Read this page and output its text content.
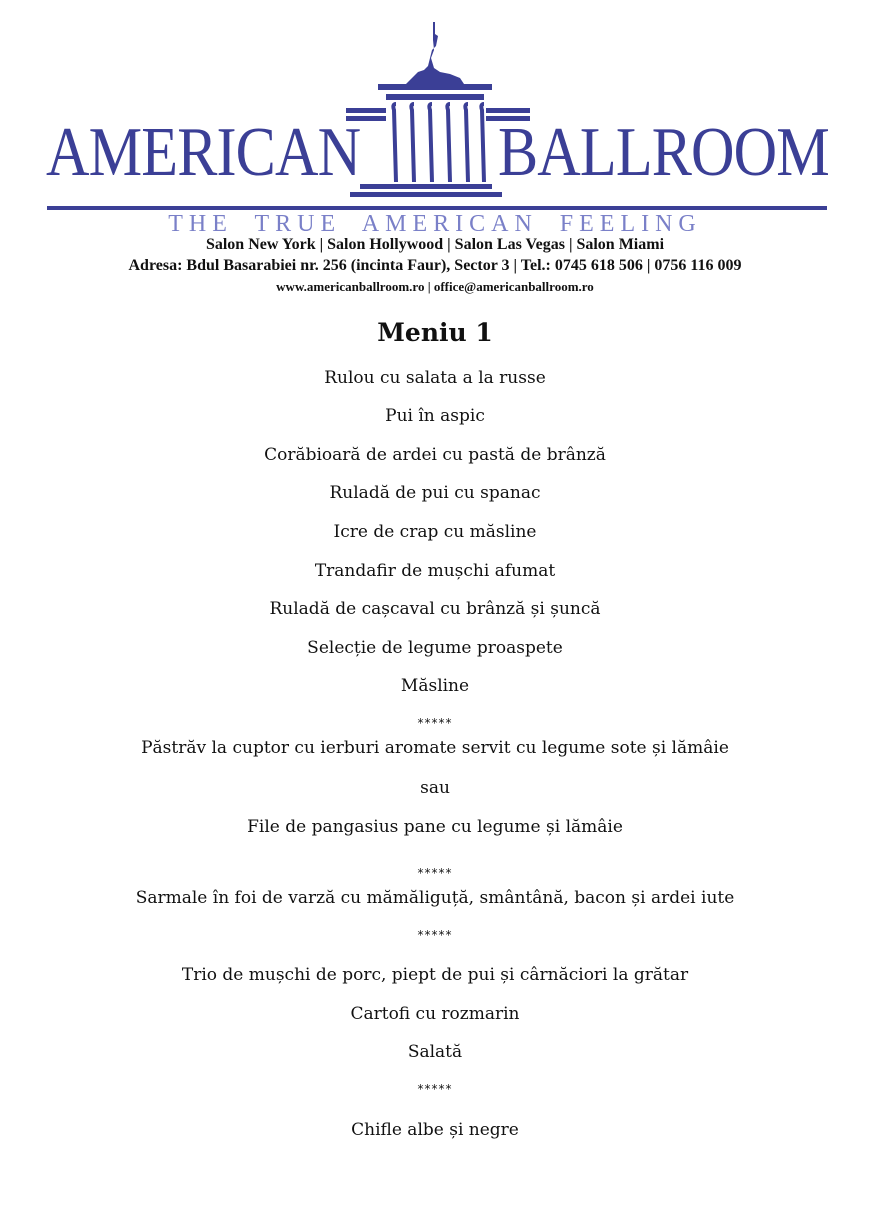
AMERICAN BALLROOM
THE TRUE AMERICAN FEELING
Salon New York | Salon Hollywood | Salon Las Vegas | Salon Miami
Adresa: Bdul Basarabiei nr. 256 (incinta Faur), Sector 3 | Tel.: 0745 618 506 | 0756 116 009
www.americanballroom.ro | office@americanballroom.ro
Meniu 1
Rulou cu salata a la russe
Pui în aspic
Corăbioară de ardei cu pastă de brânză
Ruladă de pui cu spanac
Icre de crap cu măsline
Trandafir de mușchi afumat
Ruladă de cașcaval cu brânză și șuncă
Selecție de legume proaspete
Măsline
*****
Păstrăv la cuptor cu ierburi aromate servit cu legume sote și lămâie
sau
File de pangasius pane cu legume și lămâie
*****
Sarmale în foi de varză cu mămăliguță, smântână, bacon și ardei iute
*****
Trio de mușchi de porc, piept de pui și cârnăciori la grătar
Cartofi cu rozmarin
Salată
*****
Chifle albe și negre
